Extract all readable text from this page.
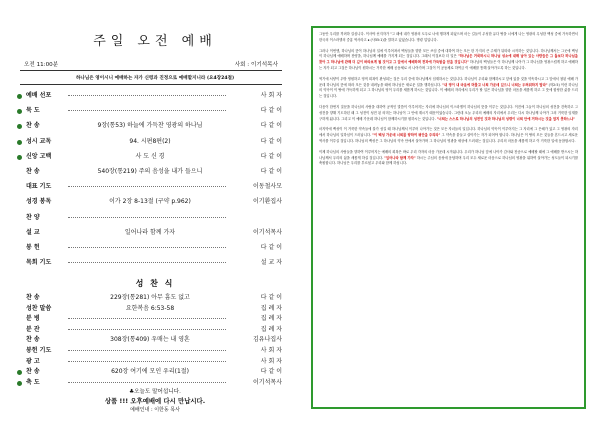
주일 오전 예배
오전 11:00분	사회 : 이기석목사
하나님은 영이시니 예배하는 자가 신령과 진정으로 예배할지니라 (요4장24절)
예배 선포	사 회 자
묵 도	다 같 이
찬 송	9장(통53) 하늘에 가득찬 영광의 하나님	다 같 이
성시 교독	94. 시편8편(2)	다 같 이
신앙 고백	사 도 신 경	다 같 이
찬 송	540장(통219) 주의 음성을 내가 들으니	다 같 이
대표 기도	이동철사모
성경 봉독	이가 2장 8-13절 (구약 p.962)	이기환집사
찬 양
설 교	일어나라 함께 가자	이기석목사
봉 헌	다 같 이
목회 기도	설 교 자
성 찬 식
찬 송	229장(통281) 아무 흠도 없고	다 같 이
성찬 말씀	요한복음 6:53-58	집 례 자
분 병	집 례 자
분 잔	집 례 자
찬 송	308장(통409) 우매는 내 영혼	김유나집사
봉헌 기도	사 회 자
광 고	사 회 자
찬 송	620장 여기에 모인 우리(1절)	다 같 이
축 도	이기석목사
♣오늘도 말어섭니다.
상품 !!! 오후예배에 다시 만납시다.
예배인내 : 이한동 목사

그동안 우리를 격려하 걸심니다. 이사야 선지자가 "그 때에 내가 영광의 도우로 너에 행하게 되었으며 마는 길들이 무성한 유다 땅을 너에게 나는 영광의 무성한 백성 중에 가득하면서 한국의 이스라엘의 중흥 역사라고 ⦁ (사55:1)을 말하고 있었습니다. 명령 업입니다.

그러나 이번엔, 하나님의 뜻이 하나님의 일에 이루어져서 백성들을 향한 모든 쓰임 중에 대하여 하는 모든 한 가지의 큰 주제가 뒤따라 시작하는 것입니다. 하나님께서는 그곳에 백성이 하나님께 예배하며 찬양을, 하나님께 예배를 가지게 되는 것입니다. 그래서 이것보다 더 일은 "하나님은 거룩하시니 하나님 성소에 대해 남아 있는 사람들은 그 돌보다 하나님을 찾아 그 하나님에 관해 더 깊이 바라보게 될 것이고 그 앞에서 예배하며 전과에 가득함을 얻을 것입니다" 하나님의 백성들은 이 하나님께 나아가 그 하나님을 영광스럽게 하고 예배하는 자가 되고 그것은 하나님이 원하시는 거룩한 예배 공동체로 서 나아가며 그것이 이 공동체로 하여금 이 예배를 통해 살아가도록 하는 것입니다.

역기에 서양이 우방 영원하고 영적 회복이 완성되는 것은 우리 중에 하나님께서 임재하시는 것입니다. 하나님이 우리와 함께하시고 앞에 있을 것을 약속하시고 그 앞에서 참된 예배 가운데 하나님의 뜻에 따라 모든 것을 내려놓을 때에 하나님은 새로운 일을 행하십니다. "내 영이 내 마음에 머물고 너희 가운데 있으니 너희는 두려워하지 말라" (학2:5) 이런 하나님의 약속이 이 땅에 가득하게 되고 그 하나님의 영이 우리를 새롭게 하시는 것입니다. 이 예배의 자리에서 우리가 할 일은 하나님을 향한 마음을 새롭게 하고 그 뜻에 합당한 삶을 드리는 것입니다.

다음이 한번지 질문을 하나님의 사람을 대하여 공적인 말씀이 이루어지는 자리에 하나님의 이스라엘이 하나님의 뜻을 이루는 것입니다. 이전에 그들이 하나님의 성전을 건축하고 그 성전을 향해 기도하던 때 그 성전이 성전 된 의미는 하나님이 그 안에 계시기 때문이었습니다. 그런데 오늘 우리의 예배의 자리에서 우리는 다시 하나님께 나아가 그의 거룩한 임재를 구하게 됩니다. 그리고 이 예배 가운데 하나님이 함께하시기를 원하시는 것입니다. "너희는 스스로 하나님의 성전인 것과 하나님의 성령이 너희 안에 거하시는 것을 알지 못하느냐"

마지막에 백성이 이 거룩한 약속들에 불가 섬길 때 하나님께서 이루어 나아가는 것은 모든 자녀들의 일입니다. 하나님의 약속이 이루어지는 그 자리에 그 은혜가 있고 그 영광의 자리에서 하나님의 일하심이 드러납니다. "이 백성 가운데 너희를 향하여 평안을 주리라" 그 약속을 붙들고 살아가는 자가 되어야 합니다. 하나님은 이 땅의 모든 것들을 흔드시고 새로운 역사를 이루실 것입니다. 하나님의 백성은 그 하나님의 약속 안에서 살아가며 그 하나님의 영광을 세상에 드러내는 것입니다. 우리의 마음을 새롭게 하고 이 거룩한 일에 동참합시다.

이제 하나님의 사람들을 향하여 이루어지는 예배의 회복은 바로 우리 각자의 마음 가운데 시작됩니다. 우리가 하나님 앞에 나아가 감사와 찬송으로 예배할 때에 그 예배를 받으시는 하나님께서 우리의 삶을 새롭게 하실 것입니다. "일어나라 함께 가자" 하시는 주님의 음성에 응답하며 우리 모두 새로운 마음으로 하나님의 영광을 위하여 살아가는 성도들이 되시기를 축원합니다. 하나님은 우리를 부르셨고 우리와 함께 하십니다.
